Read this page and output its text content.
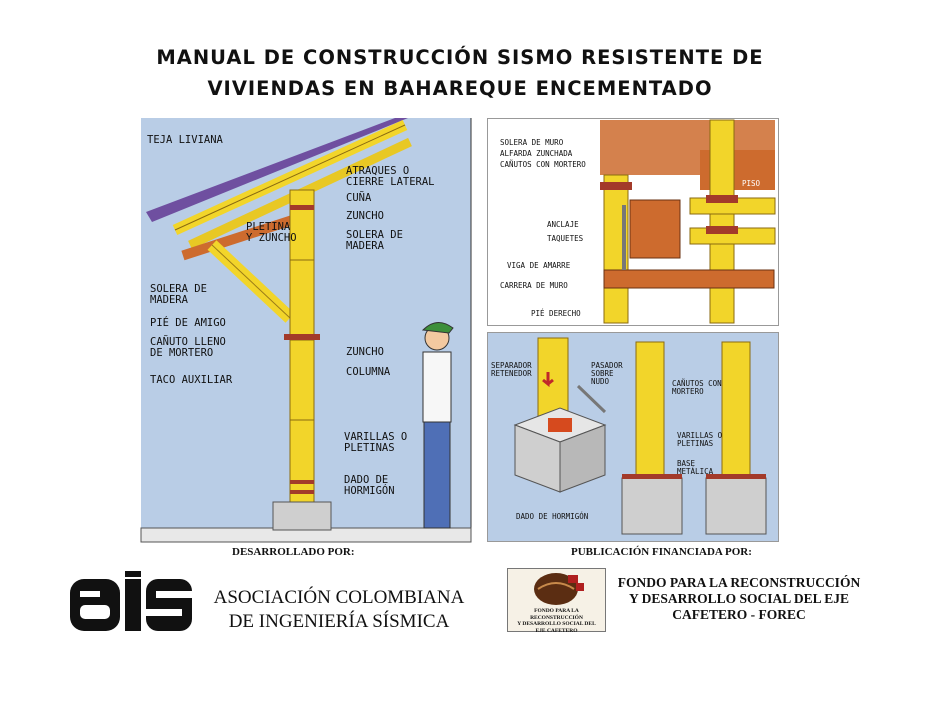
MANUAL DE CONSTRUCCIÓN SISMO RESISTENTE DE
VIVIENDAS EN BAHAREQUE ENCEMENTADO
TEJA LIVIANA
ATRAQUES O
CIERRE LATERAL
CUÑA
ZUNCHO
PLETINA
Y ZUNCHO	SOLERA DE
MADERA
SOLERA DE
MADERA
PIÉ DE AMIGO
CAÑUTO LLENO
DE MORTERO
TACO AUXILIAR
ZUNCHO
COLUMNA
VARILLAS O
PLETINAS
DADO DE
HORMIGÓN
SOLERA DE MURO
ALFARDA ZUNCHADA
CAÑUTOS CON MORTERO
PISO
ANCLAJE
TAQUETES
VIGA DE AMARRE
CARRERA DE MURO
PIÉ DERECHO
SEPARADOR
RETENEDOR
PASADOR
SOBRE
NUDO	CAÑUTOS CON
MORTERO
VARILLAS O
PLETINAS
BASE
METÁLICA
DADO DE HORMIGÓN
DESARROLLADO POR:	PUBLICACIÓN FINANCIADA POR:
ASOCIACIÓN COLOMBIANA
DE INGENIERÍA SÍSMICA	FONDO PARA LA RECONSTRUCCIÓN
Y DESARROLLO SOCIAL DEL
EJE CAFETERO
FONDO PARA LA RECONSTRUCCIÓN
Y DESARROLLO SOCIAL DEL EJE
CAFETERO - FOREC
